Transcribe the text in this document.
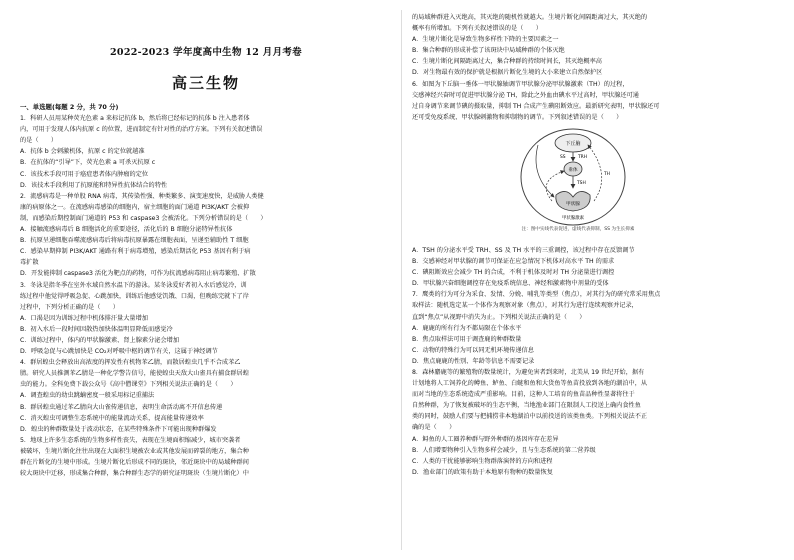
2022-2023 学年度高中生物 12 月月考卷
高三生物
一、单选题(每题 2 分，共 70 分)
1．科研人员用某种荧光色素 a 来标记抗体 b，然后将已经标记的抗体 b 注入患者体
内，可用于发现人体内抗原 c 的位置，进而制定有针对性的治疗方案。下列有关叙述错误
的是（　　）
A．抗体 b 会刺激机体，抗原 c 的定位就越准
B．在抗体的“引导”下，荧光色素 a 可杀灭抗原 c
C．该技术手段可用于癌症患者体内肿瘤的定位
D．该技术手段利用了抗原能和特异性抗体结合的特性
2．流感病毒是一种单股 RNA 病毒，其传染性强、种类繁多、演变速度快，是威胁人类健
康的病原体之一。在流感病毒感染的细胞内，宿主细胞的面门通道 PI3K/AKT 会被抑
制，而感染后期控制面门通道的 P53 和 caspase3 会被活化。下列分析错误的是（　　）
A．接触流感病毒后 B 细胞活化的重要途径，活化后的 B 细胞分泌特异性抗体
B．抗原呈递细胞吞噬流感病毒后将病毒抗原暴露在细胞表面，呈递至辅助性 T 细胞
C．感染早期抑制 PI3K/AKT 通路有利于病毒增殖，感染后期活化 P53 基因有利于病
毒扩散
D．开发能抑制 caspase3 活化为靶点的药物，可作为抗流感病毒阻止病毒繁殖、扩散
3．冬泳是指冬季在室外水域自然水温下的游泳。某冬泳爱好者初入水后感觉冷，训
练过程中他觉得呼吸急促、心跳加快，训练后他感觉饥饿、口渴，但晚练完就下了岸
过程中，下列分析正确的是（　　）
A．口渴是因为训练过程中机体排汗量大量增加
B．初入水后一段时间因散热加快体温明显降低而感觉冷
C．训练过程中，体内的甲状腺激素、肾上腺素分泌会增加
D．呼吸急促与心跳加快是 CO₂对呼吸中枢的调节有关，这属于神经调节
4．群居蝗虫会释放出高浓度的挥发性有机物苯乙腈，而散居蝗虫几乎不合成苯乙
腈。研究人员推测苯乙腈是一种化学警告信号，能使蝗虫天敌大山雀具有捕食群居蝗
虫的能力。全科免费下载公众号《高中僧课堂》下列相关说法正确的是（　　）
A．调查蝗虫的幼虫跳蝻密度一般采用标记重捕法
B．群居蝗虫通过苯乙腈向大山雀传递信息，表明生命活动离不开信息传递
C．消灭蝗虫可调整生态系统中的能量流动关系，提高能量传递效率
D．蝗虫的种群数量处于波动状态，在某些特殊条件下可能出现种群爆发
5．地球上许多生态系统的生物多样性丧失，表现在生境面积缩减少，城市突袭者
被破坏，生境片断化往往出现在大面积生境被农业或其他发展而碎裂的地方，集合种
群在片断化的生境中形成。生境片断化后形成不同的斑块，邻近斑块中的局域种群间
较大斑块中迁移，形成集合种群，集合种群生态学的研究证明斑块（生境片断化）中
的局域种群进入灭绝高，其灭绝的随机性就越大。生境片断化间隔距离过大，其灭绝的
概率有所增加。下列有关叙述错误的是（　　）
A．生境片断化是导致生物多样性下降的主要因素之一
B．集合种群的形成补偿了该斑块中局域种群的个体灭绝
C．生境片断化间隔距离过大，集合种群的持续时间长，其灭绝概率高
D．对生物最有效的保护就是根据片断化生境的大小来建立自然保护区
6．如图为下丘脑一垂体一甲状腺轴调节甲状腺分泌甲状腺激素（TH）的过程，
交感神经兴奋时可促进甲状腺分泌 TH，除此之外血由碘水平过高时，甲状腺还可通
过自身调节来调节碘的摄取量，抑制 TH 合成产生碘阻断效应。最新研究表明，甲状腺还可
还可受免疫系统、甲状腺刺激物和抑制物的调节。下列叙述错误的是（　　）
下丘脑
垂体
甲状腺
TRH
SS
TSH
TH
甲状腺激素
注：图中实线代表促进，虚线代表抑制，SS 为生长抑素
A．TSH 的分泌水平受 TRH、SS 及 TH 水平的三重调控，该过程中存在反馈调节
B．交感神经对甲状腺的调节可保证在应急情况下机体对高水平 TH 的需求
C．碘阻断效应会减少 TH 的合成，不利于机体及时对 TH 分泌量进行调控
D．甲状腺兴奋细胞调控存在免疫系统信息、神经和激素物中剂量的受体
7．鹰类的行为可分为采食、发情、分娩、哺乳等类型（焦点），对其行为的研究常采用焦点
取样法：随机选定某一个体作为观察对象（焦点），对其行为进行连续观察并记录，
直到“焦点”从视野中消失为止。下列相关说法正确的是（　　）
A．鹿鹿的所有行为不都局限在个体水平
B．焦点取样法可用于调查鹿的种群数量
C．动物的特殊行为可以同无机环境传递信息
D．焦点鹿鹿的性别、年龄等信息不需要记录
8．森林麝鹿等的繁殖物的数量统计，为避免害者到来时，北美从 19 世纪开始，据有
计划地将人工饲养化的鳟鱼、鲈鱼、白鲢和鱼和大货鱼等鱼苗投放到各地的潮泊中，从
而对当地的生态系统造成严重影响。目前，这种人工培育的鱼苗品种性显著将往于
自然种群，为了恢复被破坏的生态平衡，当地渔业部门在限制人工投送上确内食性鱼
类的同时，鼓励人们要与把捕捞非本地湖泊中以前投送的该类鱼类。下列相关说法不正
确的是（　　）
A．鲟鱼的人工圈养种群与野外种群的基因库存在差异
B．人们增要物种引入生物多样会减少，且与生态系统的第二营养级
C．人类的干扰能够影响生物群落演替的方向和进程
D．渔业部门的政策有助于本地原有物种的数量恢复
